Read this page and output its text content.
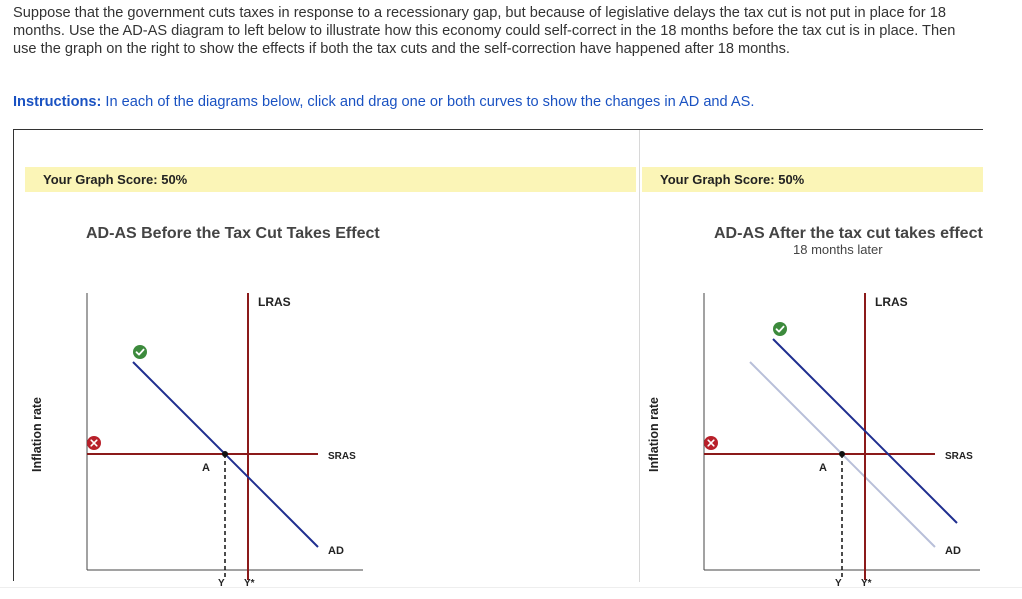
Suppose that the government cuts taxes in response to a recessionary gap, but because of legislative delays the tax cut is not put in place for 18 months. Use the AD-AS diagram to left below to illustrate how this economy could self-correct in the 18 months before the tax cut is in place. Then use the graph on the right to show the effects if both the tax cuts and the self-correction have happened after 18 months.

Instructions: In each of the diagrams below, click and drag one or both curves to show the changes in AD and AS.

Your Graph Score: 50%
AD-AS Before the Tax Cut Takes Effect
Inflation rate
LRAS
SRAS
AD
A
Y Y*
Your Graph Score: 50%
AD-AS After the tax cut takes effect
18 months later
Inflation rate
LRAS
SRAS
AD
A
Y Y*
